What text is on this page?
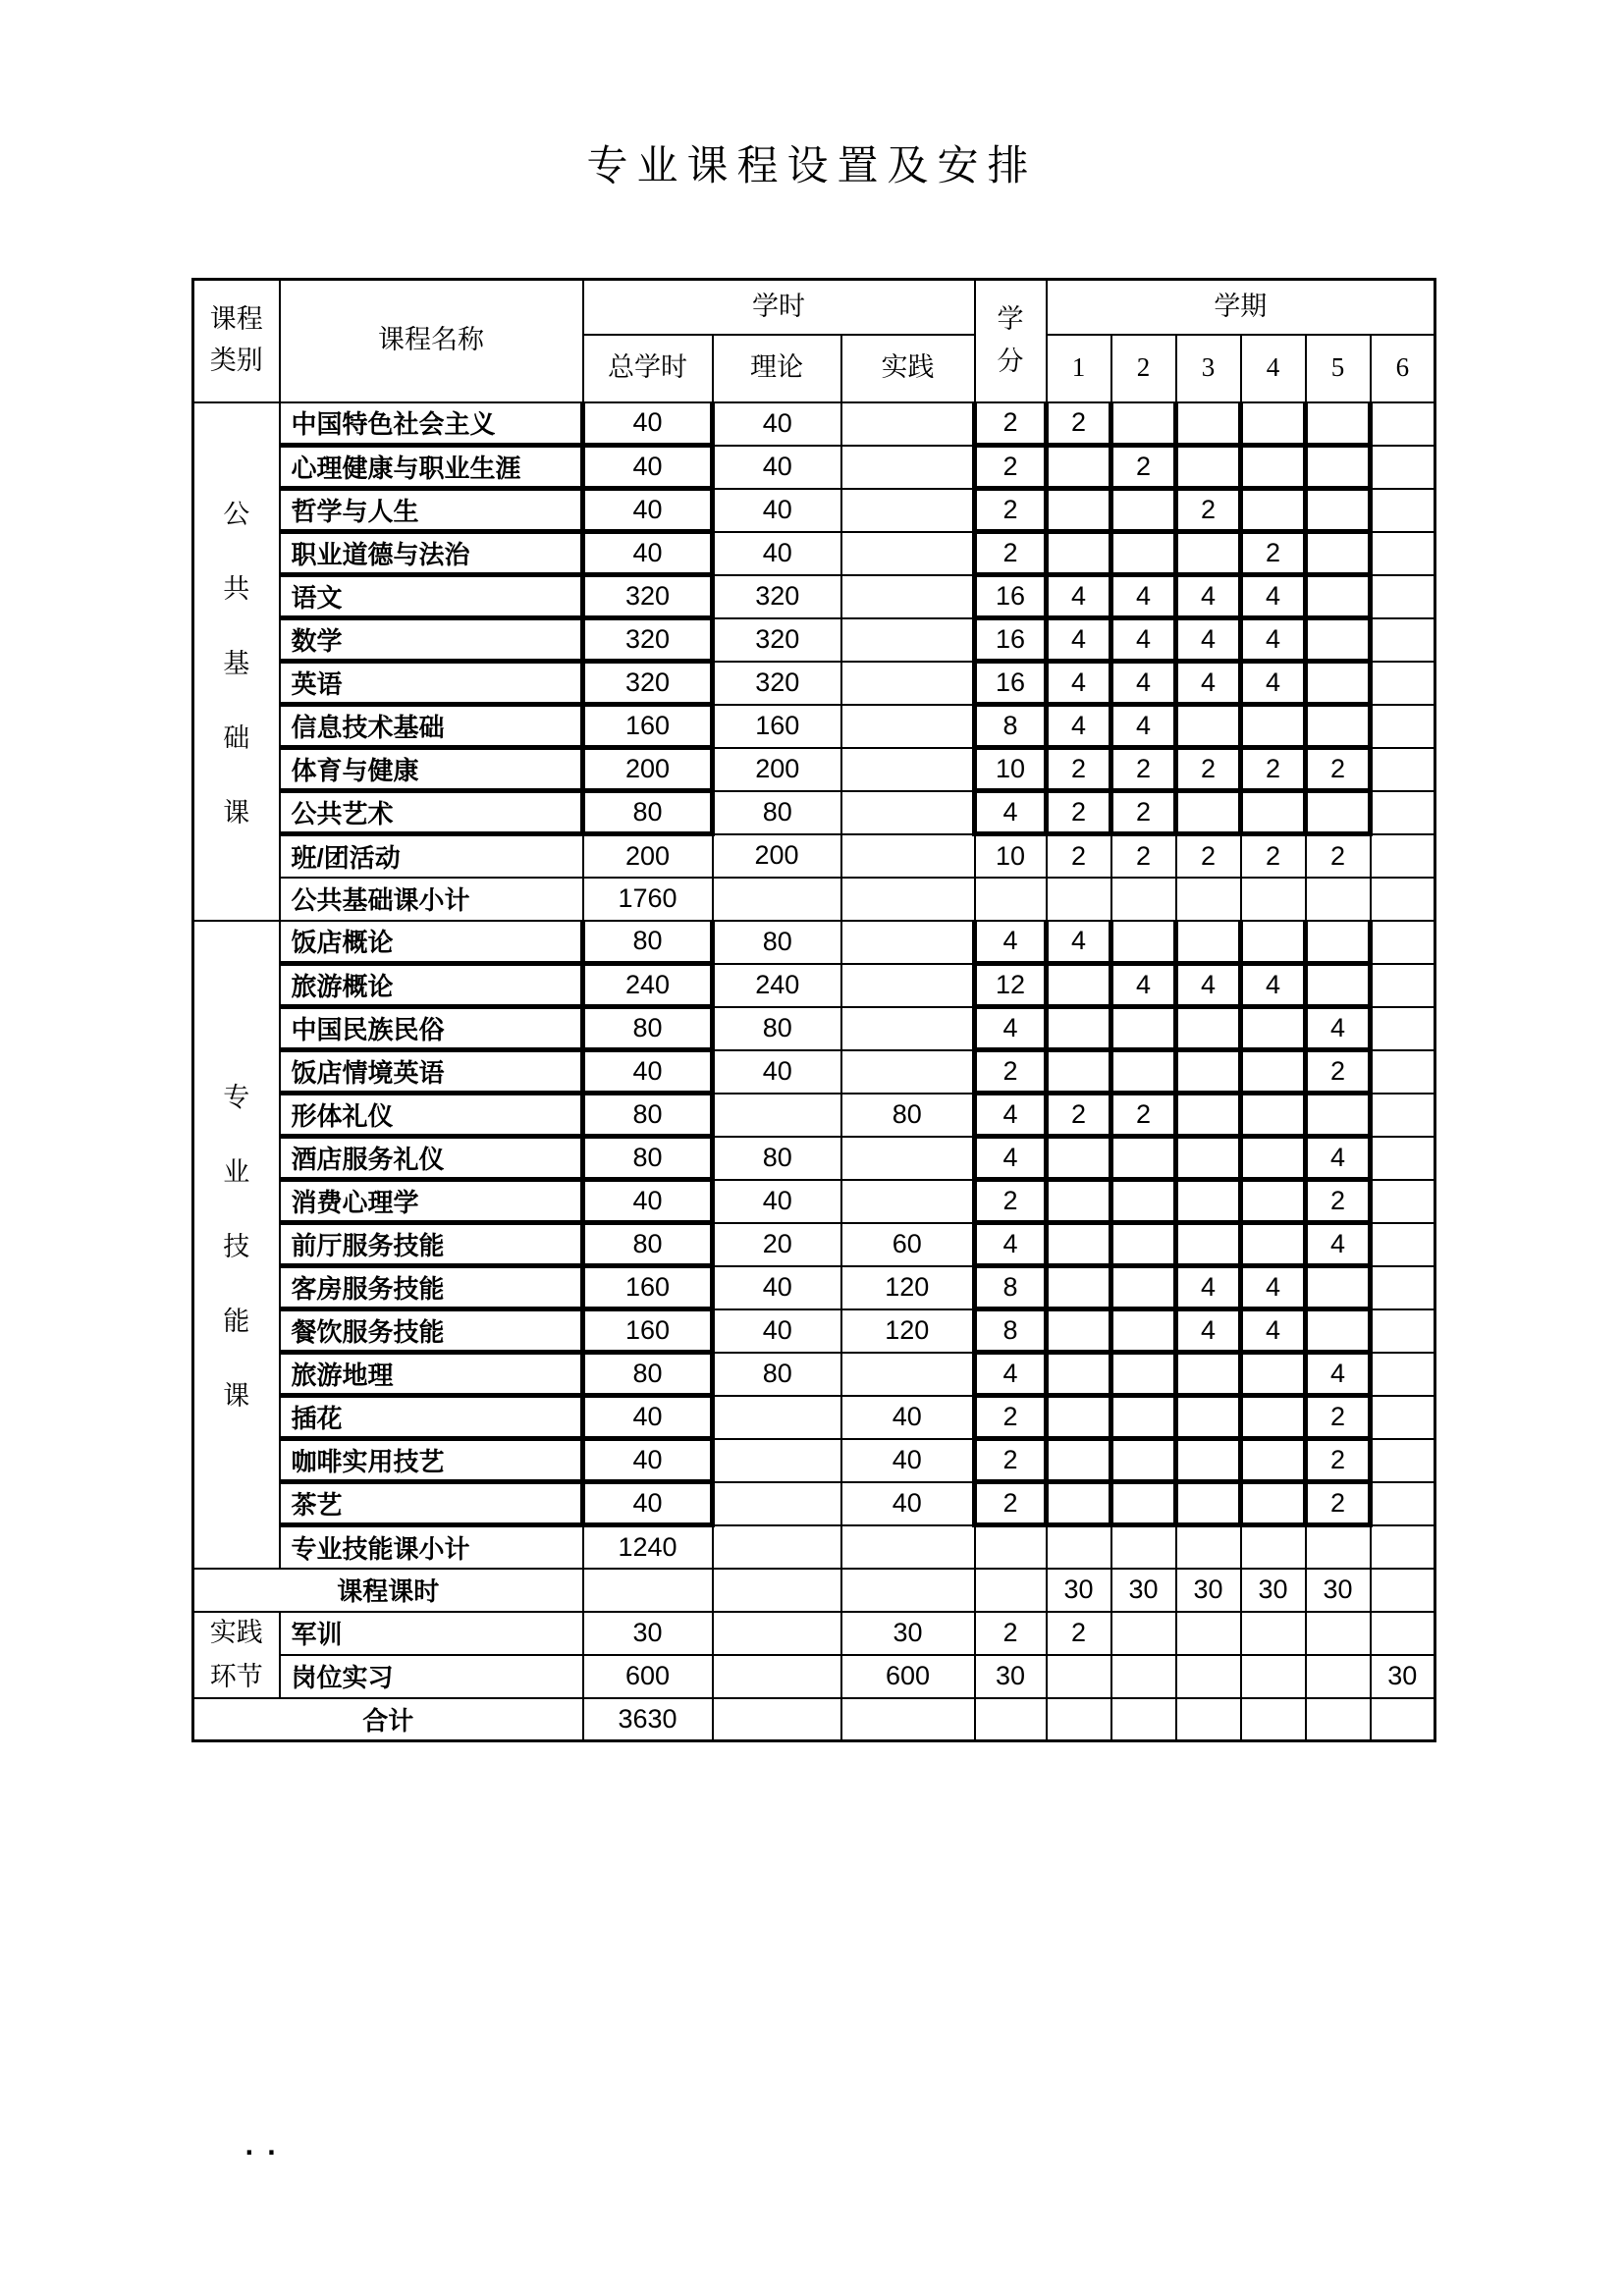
专业课程设置及安排
课程类别	课程名称	学时			学分	学期					
		总学时	理论	实践		1	2	3	4	5	6

公
共
基
础
课	中国特色社会主义	40	40		2	2					
	心理健康与职业生涯	40	40		2		2				
	哲学与人生	40	40		2			2			
	职业道德与法治	40	40		2				2		
	语文	320	320		16	4	4	4	4		
	数学	320	320		16	4	4	4	4		
	英语	320	320		16	4	4	4	4		
	信息技术基础	160	160		8	4	4				
	体育与健康	200	200		10	2	2	2	2	2	
	公共艺术	80	80		4	2	2				
	班/团活动	200	200		10	2	2	2	2	2	
	公共基础课小计	1760									

专
业
技
能
课	饭店概论	80	80		4	4					
	旅游概论	240	240		12		4	4	4		
	中国民族民俗	80	80		4					4	
	饭店情境英语	40	40		2					2	
	形体礼仪	80		80	4	2	2				
	酒店服务礼仪	80	80		4					4	
	消费心理学	40	40		2					2	
	前厅服务技能	80	20	60	4					4	
	客房服务技能	160	40	120	8			4	4		
	餐饮服务技能	160	40	120	8			4	4		
	旅游地理	80	80		4					4	
	插花	40		40	2					2	
	咖啡实用技艺	40		40	2					2	
	茶艺	40		40	2					2	
	专业技能课小计	1240									
课程课时						30	30	30	30	30	

实践
环节	军训	30		30	2	2					
	岗位实习	600		600	30						30
合计		3630									
..
